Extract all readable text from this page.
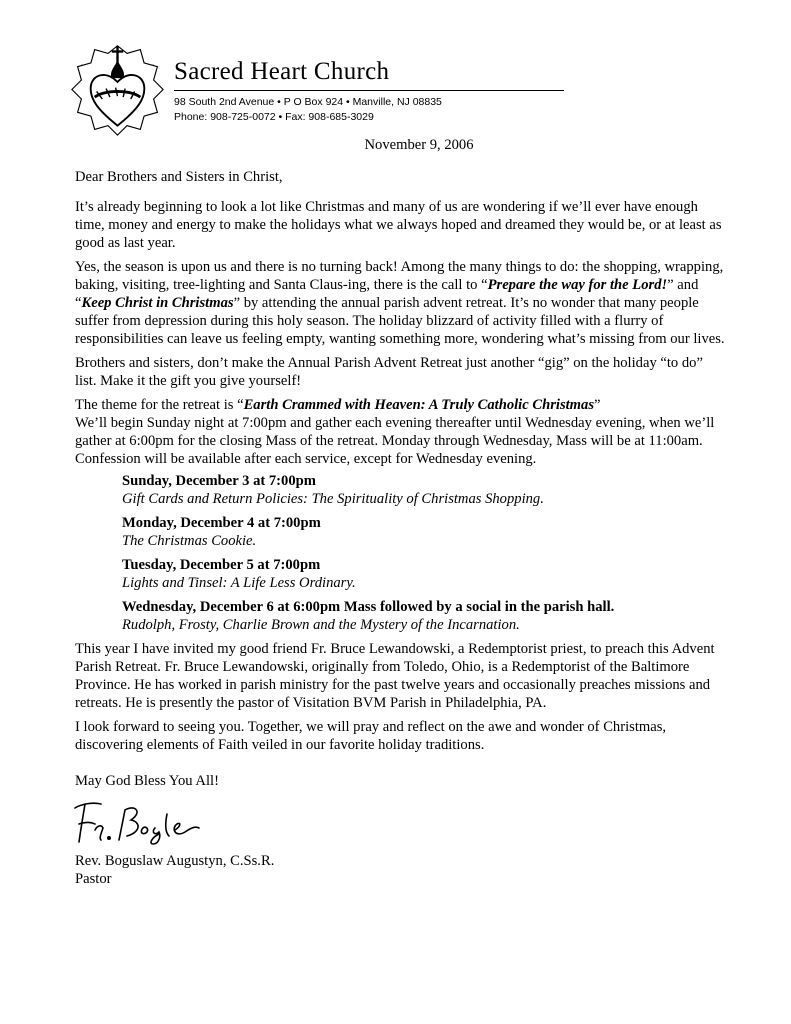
Sacred Heart Church
98 South 2nd Avenue • P O Box 924 • Manville, NJ 08835
Phone: 908-725-0072 • Fax: 908-685-3029
November 9, 2006

Dear Brothers and Sisters in Christ,

It’s already beginning to look a lot like Christmas and many of us are wondering if we’ll ever have enough time, money and energy to make the holidays what we always hoped and dreamed they would be, or at least as good as last year.

Yes, the season is upon us and there is no turning back! Among the many things to do: the shopping, wrapping, baking, visiting, tree-lighting and Santa Claus-ing, there is the call to “Prepare the way for the Lord!” and “Keep Christ in Christmas” by attending the annual parish advent retreat. It’s no wonder that many people suffer from depression during this holy season. The holiday blizzard of activity filled with a flurry of responsibilities can leave us feeling empty, wanting something more, wondering what’s missing from our lives.

Brothers and sisters, don’t make the Annual Parish Advent Retreat just another “gig” on the holiday “to do” list. Make it the gift you give yourself!

The theme for the retreat is “Earth Crammed with Heaven: A Truly Catholic Christmas”
We’ll begin Sunday night at 7:00pm and gather each evening thereafter until Wednesday evening, when we’ll gather at 6:00pm for the closing Mass of the retreat. Monday through Wednesday, Mass will be at 11:00am. Confession will be available after each service, except for Wednesday evening.

Sunday, December 3 at 7:00pm
Gift Cards and Return Policies: The Spirituality of Christmas Shopping.
Monday, December 4 at 7:00pm
The Christmas Cookie.
Tuesday, December 5 at 7:00pm
Lights and Tinsel: A Life Less Ordinary.
Wednesday, December 6 at 6:00pm Mass followed by a social in the parish hall.
Rudolph, Frosty, Charlie Brown and the Mystery of the Incarnation.

This year I have invited my good friend Fr. Bruce Lewandowski, a Redemptorist priest, to preach this Advent Parish Retreat. Fr. Bruce Lewandowski, originally from Toledo, Ohio, is a Redemptorist of the Baltimore Province. He has worked in parish ministry for the past twelve years and occasionally preaches missions and retreats. He is presently the pastor of Visitation BVM Parish in Philadelphia, PA.

I look forward to seeing you. Together, we will pray and reflect on the awe and wonder of Christmas, discovering elements of Faith veiled in our favorite holiday traditions.

May God Bless You All!

Fr. Bogie

Rev. Boguslaw Augustyn, C.Ss.R.

Pastor
